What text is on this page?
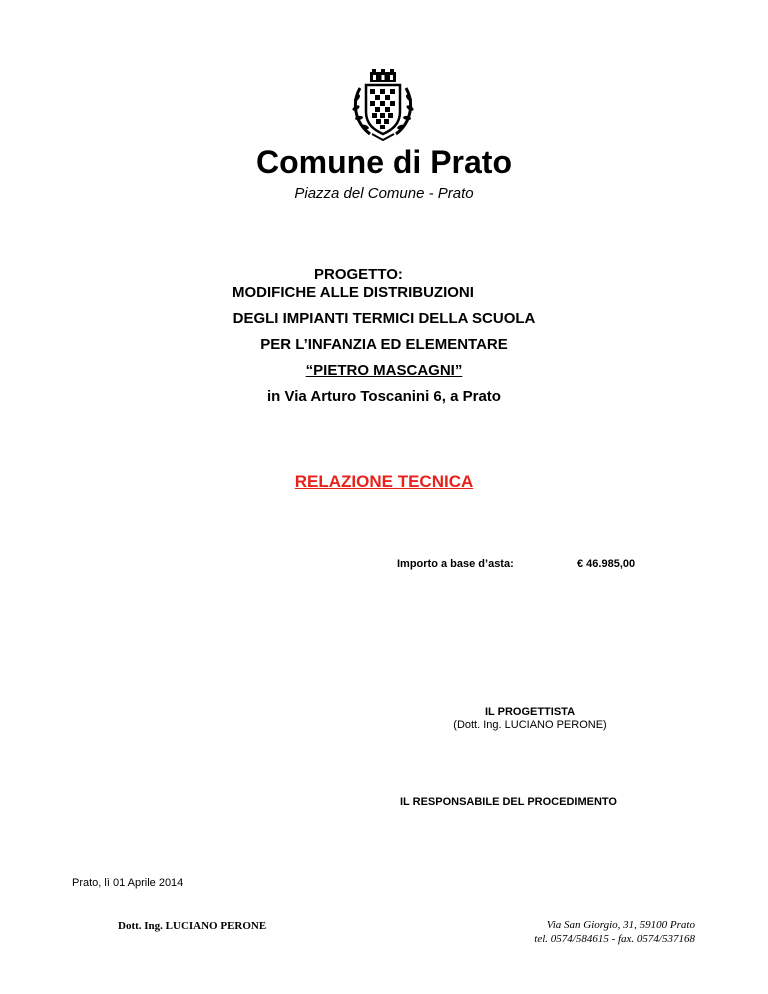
Comune di Prato
Piazza del Comune - Prato
PROGETTO:
MODIFICHE ALLE DISTRIBUZIONI
DEGLI IMPIANTI TERMICI DELLA SCUOLA
PER L’INFANZIA ED ELEMENTARE
“PIETRO MASCAGNI”
in Via Arturo Toscanini 6, a Prato
RELAZIONE TECNICA
Importo a base d’asta:	€ 46.985,00
IL PROGETTISTA
(Dott. Ing. LUCIANO PERONE)
IL RESPONSABILE DEL PROCEDIMENTO
Prato, lì 01 Aprile 2014
Dott. Ing. LUCIANO PERONE	Via San Giorgio, 31, 59100 Prato
tel. 0574/584615 - fax. 0574/537168
